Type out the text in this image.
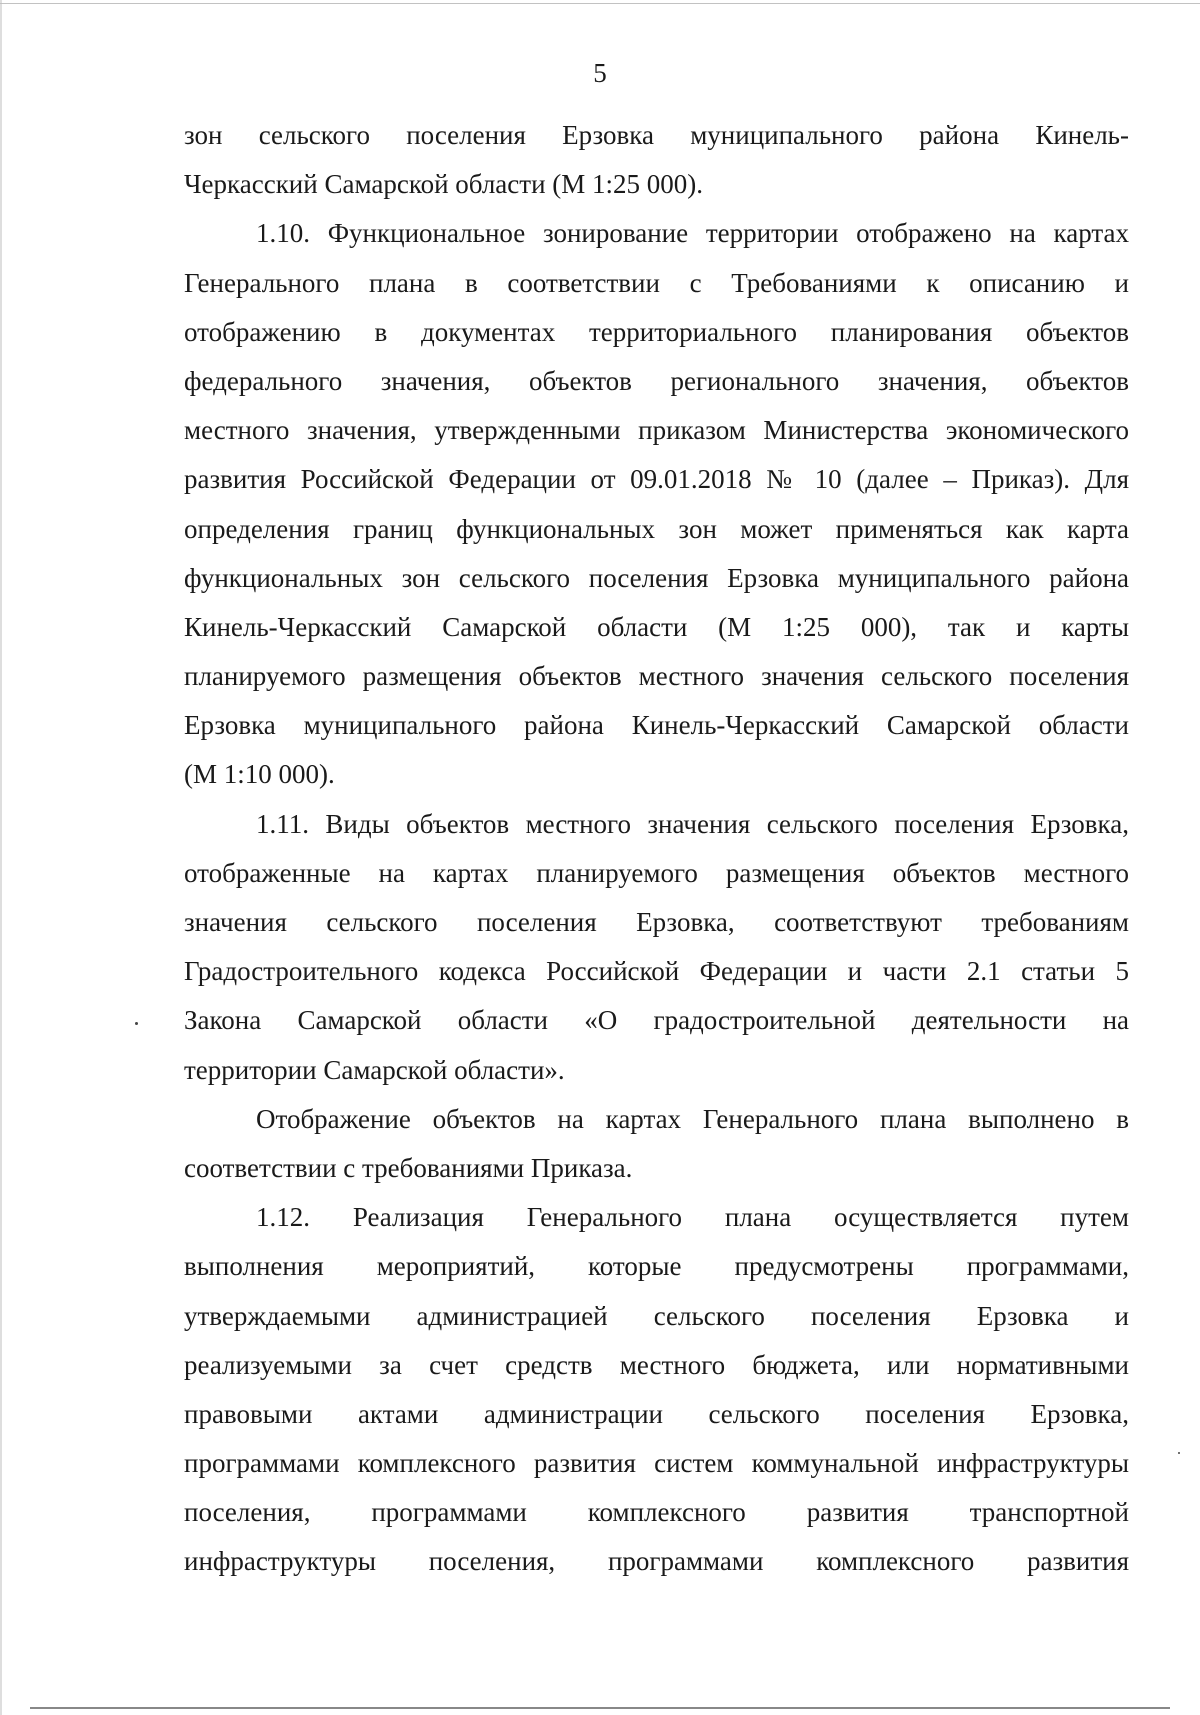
5
зон сельского поселения Ерзовка муниципального района Кинель-
Черкасский Самарской области (М 1:25 000).
1.10. Функциональное зонирование территории отображено на картах
Генерального плана в соответствии с Требованиями к описанию и
отображению в документах территориального планирования объектов
федерального значения, объектов регионального значения, объектов
местного значения, утвержденными приказом Министерства экономического
развития Российской Федерации от 09.01.2018 № 10 (далее – Приказ). Для
определения границ функциональных зон может применяться как карта
функциональных зон сельского поселения Ерзовка муниципального района
Кинель-Черкасский Самарской области (М 1:25 000), так и карты
планируемого размещения объектов местного значения сельского поселения
Ерзовка муниципального района Кинель-Черкасский Самарской области
(М 1:10 000).
1.11. Виды объектов местного значения сельского поселения Ерзовка,
отображенные на картах планируемого размещения объектов местного
значения сельского поселения Ерзовка, соответствуют требованиям
Градостроительного кодекса Российской Федерации и части 2.1 статьи 5
Закона Самарской области «О градостроительной деятельности на
территории Самарской области».
Отображение объектов на картах Генерального плана выполнено в
соответствии с требованиями Приказа.
1.12. Реализация Генерального плана осуществляется путем
выполнения мероприятий, которые предусмотрены программами,
утверждаемыми администрацией сельского поселения Ерзовка и
реализуемыми за счет средств местного бюджета, или нормативными
правовыми актами администрации сельского поселения Ерзовка,
программами комплексного развития систем коммунальной инфраструктуры
поселения, программами комплексного развития транспортной
инфраструктуры поселения, программами комплексного развития
